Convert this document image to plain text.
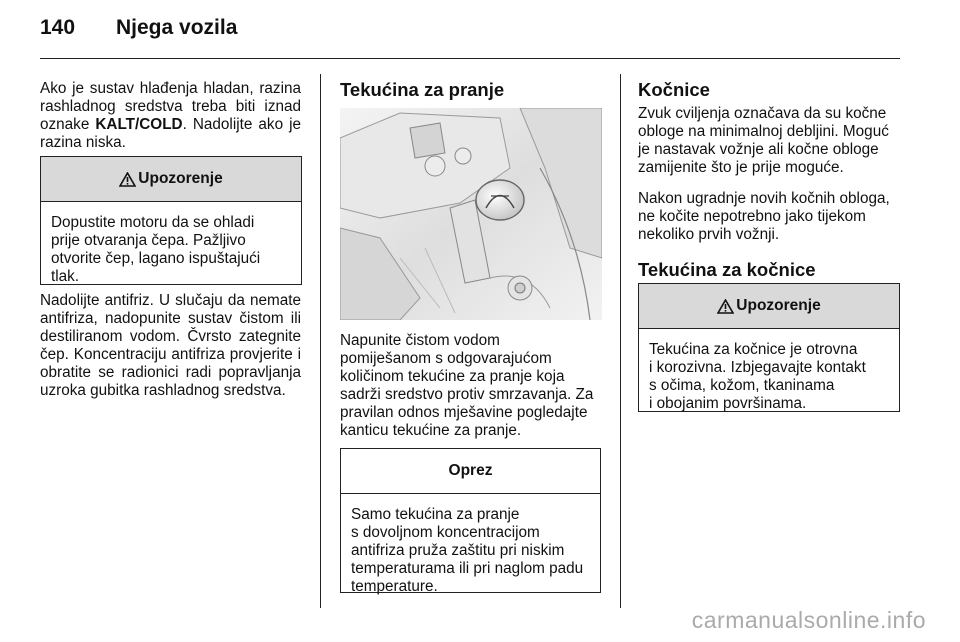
140 Njega vozila
Ako je sustav hlađenja hladan, razina rashladnog sredstva treba biti iznad oznake KALT/COLD. Nadolijte ako je razina niska.
Upozorenje
Dopustite motoru da se ohladi
prije otvaranja čepa. Pažljivo
otvorite čep, lagano ispuštajući
tlak.
Nadolijte antifriz. U slučaju da nemate antifriza, nadopunite sustav čistom ili destiliranom vodom. Čvrsto zategnite čep. Koncentraciju antifriza provjerite i obratite se radionici radi popravljanja uzroka gubitka rashladnog sredstva.
Tekućina za pranje
Napunite čistom vodom
pomiješanom s odgovarajućom
količinom tekućine za pranje koja
sadrži sredstvo protiv smrzavanja. Za
pravilan odnos mješavine pogledajte
kanticu tekućine za pranje.
Oprez
Samo tekućina za pranje
s dovoljnom koncentracijom
antifriza pruža zaštitu pri niskim
temperaturama ili pri naglom padu
temperature.
Kočnice
Zvuk cviljenja označava da su kočne obloge na minimalnoj debljini. Moguć je nastavak vožnje ali kočne obloge zamijenite što je prije moguće.
Nakon ugradnje novih kočnih obloga, ne kočite nepotrebno jako tijekom nekoliko prvih vožnji.
Tekućina za kočnice
Upozorenje
Tekućina za kočnice je otrovna
i korozivna. Izbjegavajte kontakt
s očima, kožom, tkaninama
i obojanim površinama.
carmanualsonline.info
